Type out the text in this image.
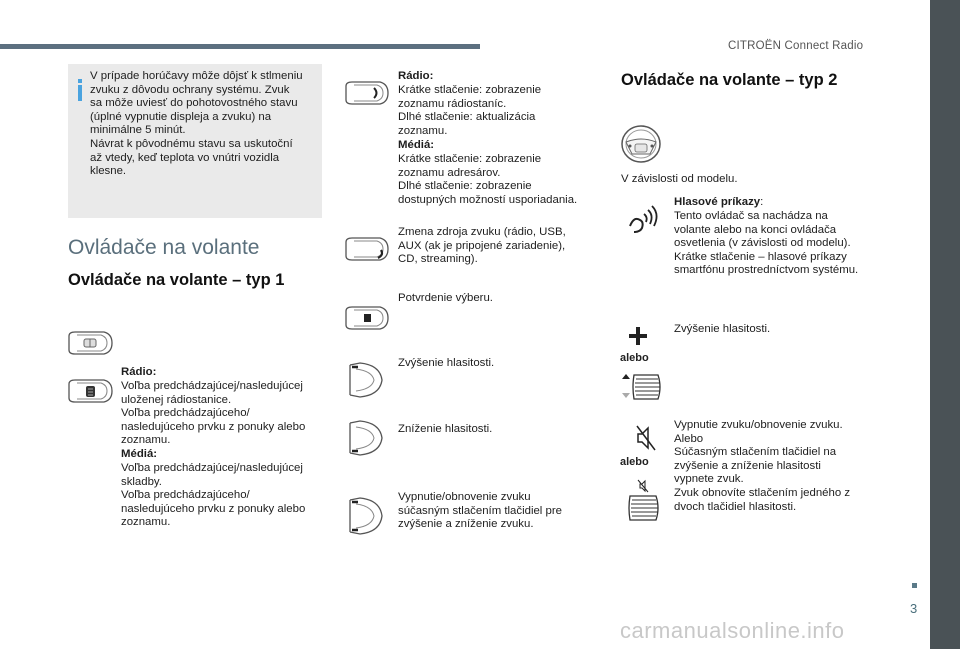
CITROËN Connect Radio
V prípade horúčavy môže dôjsť k stlmeniu
zvuku z dôvodu ochrany systému. Zvuk
sa môže uviesť do pohotovostného stavu
(úplné vypnutie displeja a zvuku) na
minimálne 5 minút.
Návrat k pôvodnému stavu sa uskutoční
až vtedy, keď teplota vo vnútri vozidla
klesne.
Ovládače na volante
Ovládače na volante – typ 1
Rádio:
Voľba predchádzajúcej/nasledujúcej
uloženej rádiostanice.
Voľba predchádzajúceho/
nasledujúceho prvku z ponuky alebo
zoznamu.
Médiá:
Voľba predchádzajúcej/nasledujúcej
skladby.
Voľba predchádzajúceho/
nasledujúceho prvku z ponuky alebo
zoznamu.
Rádio:
Krátke stlačenie: zobrazenie
zoznamu rádiostaníc.
Dlhé stlačenie: aktualizácia
zoznamu.
Médiá:
Krátke stlačenie: zobrazenie
zoznamu adresárov.
Dlhé stlačenie: zobrazenie
dostupných možností usporiadania.
Zmena zdroja zvuku (rádio, USB,
AUX (ak je pripojené zariadenie),
CD, streaming).
Potvrdenie výberu.
Zvýšenie hlasitosti.
Zníženie hlasitosti.
Vypnutie/obnovenie zvuku
súčasným stlačením tlačidiel pre
zvýšenie a zníženie zvuku.
Ovládače na volante – typ 2
V závislosti od modelu.
Hlasové príkazy:
Tento ovládač sa nachádza na
volante alebo na konci ovládača
osvetlenia (v závislosti od modelu).
Krátke stlačenie – hlasové príkazy
smartfónu prostredníctvom systému.
Zvýšenie hlasitosti.
alebo
Vypnutie zvuku/obnovenie zvuku.
Alebo
Súčasným stlačením tlačidiel na
zvýšenie a zníženie hlasitosti
vypnete zvuk.
Zvuk obnovíte stlačením jedného z
dvoch tlačidiel hlasitosti.
alebo
3
carmanualsonline.info
